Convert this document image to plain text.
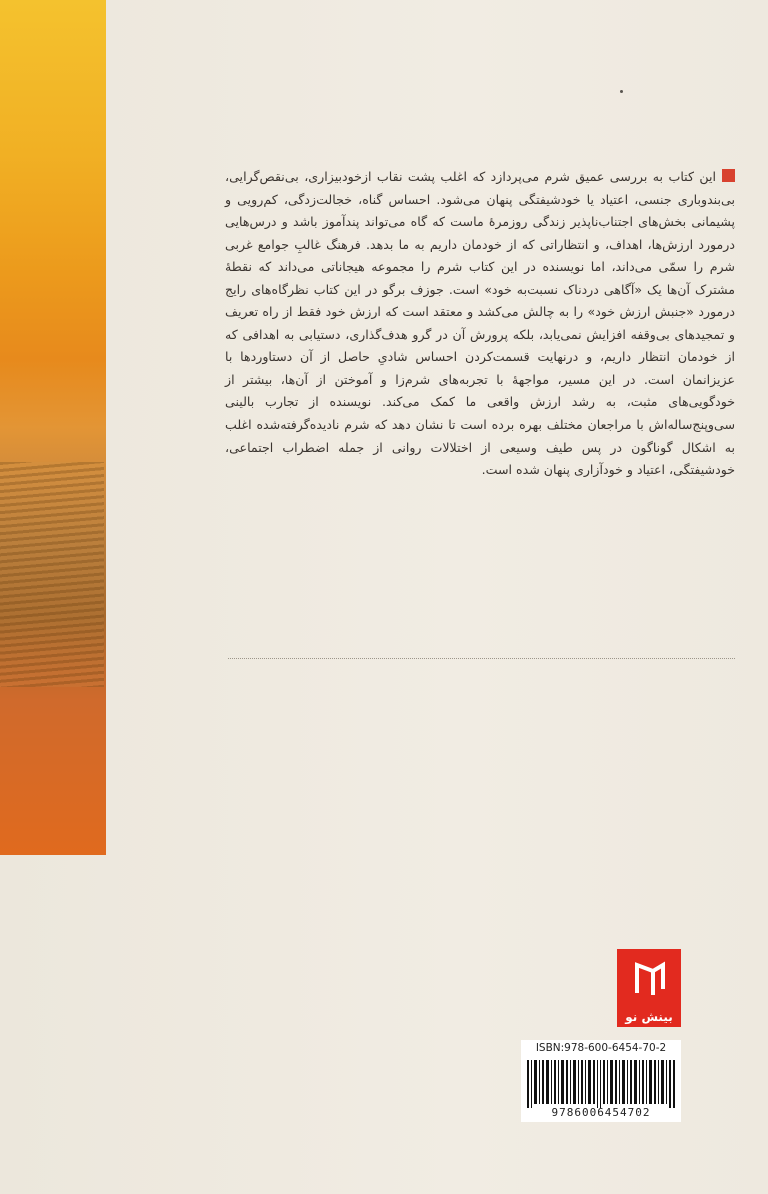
این کتاب به بررسی عمیق شرم می‌پردازد که اغلب پشت نقاب ازخودبیزاری، بی‌نقص‌گرایی، بی‌بندوباری جنسی، اعتیاد یا خودشیفتگی پنهان می‌شود. احساس گناه، خجالت‌زدگی، کم‌رویی و پشیمانی بخش‌های اجتناب‌ناپذیر زندگی روزمرهٔ ماست که گاه می‌تواند پندآموز باشد و درس‌هایی درمورد ارزش‌ها، اهداف، و انتظاراتی که از خودمان داریم به ما بدهد. فرهنگ غالبِ جوامع غربی شرم را سمّی می‌داند، اما نویسنده در این کتاب شرم را مجموعه هیجاناتی می‌داند که نقطهٔ مشترک آن‌ها یک «آگاهی دردناک نسبت‌به خود» است. جوزف برگو در این کتاب نظرگاه‌های رایج درمورد «جنبش ارزش خود» را به چالش می‌کشد و معتقد است که ارزش خود فقط از راه تعریف و تمجیدهای بی‌وقفه افزایش نمی‌یابد، بلکه پرورش آن در گرو هدف‌گذاری، دستیابی به اهدافی که از خودمان انتظار داریم، و درنهایت قسمت‌کردن احساس شادیِ حاصل از آن دستاوردها با عزیزانمان است. در این مسیر، مواجههٔ با تجربه‌های شرم‌زا و آموختن از آن‌ها، بیشتر از خودگویی‌های مثبت، به رشد ارزش واقعی ما کمک می‌کند. نویسنده از تجارب بالینی سی‌وپنج‌ساله‌اش با مراجعان مختلف بهره برده است تا نشان دهد که شرم نادیده‌گرفته‌شده اغلب به اشکال گوناگون در پس طیف وسیعی از اختلالات روانی از جمله اضطراب اجتماعی، خودشیفتگی، اعتیاد و خودآزاری پنهان شده است.
بینش نو
ISBN:978-600-6454-70-2
9786006454702
